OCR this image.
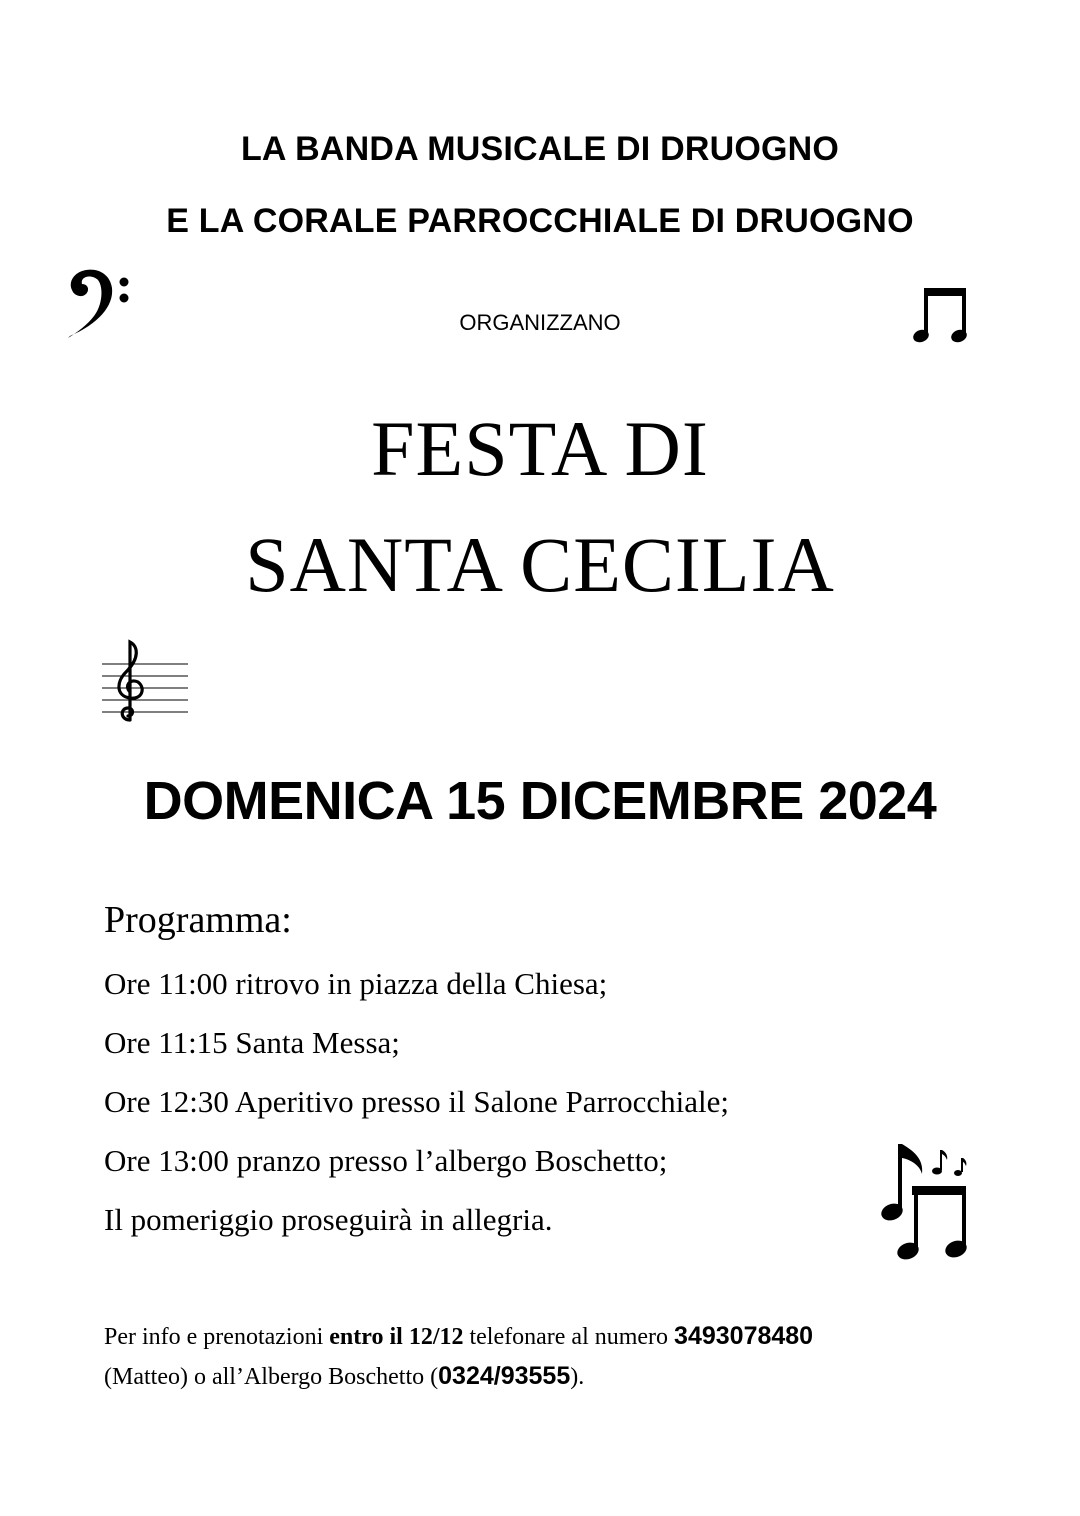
LA BANDA MUSICALE DI DRUOGNO
E LA CORALE PARROCCHIALE DI DRUOGNO
ORGANIZZANO
FESTA DI
SANTA CECILIA
DOMENICA 15 DICEMBRE 2024
Programma:
Ore 11:00 ritrovo in piazza della Chiesa;
Ore 11:15 Santa Messa;
Ore 12:30 Aperitivo presso il Salone Parrocchiale;
Ore 13:00 pranzo presso l’albergo Boschetto;
Il pomeriggio proseguirà in allegria.
Per info e prenotazioni entro il 12/12 telefonare al numero 3493078480
(Matteo) o all’Albergo Boschetto (0324/93555).
